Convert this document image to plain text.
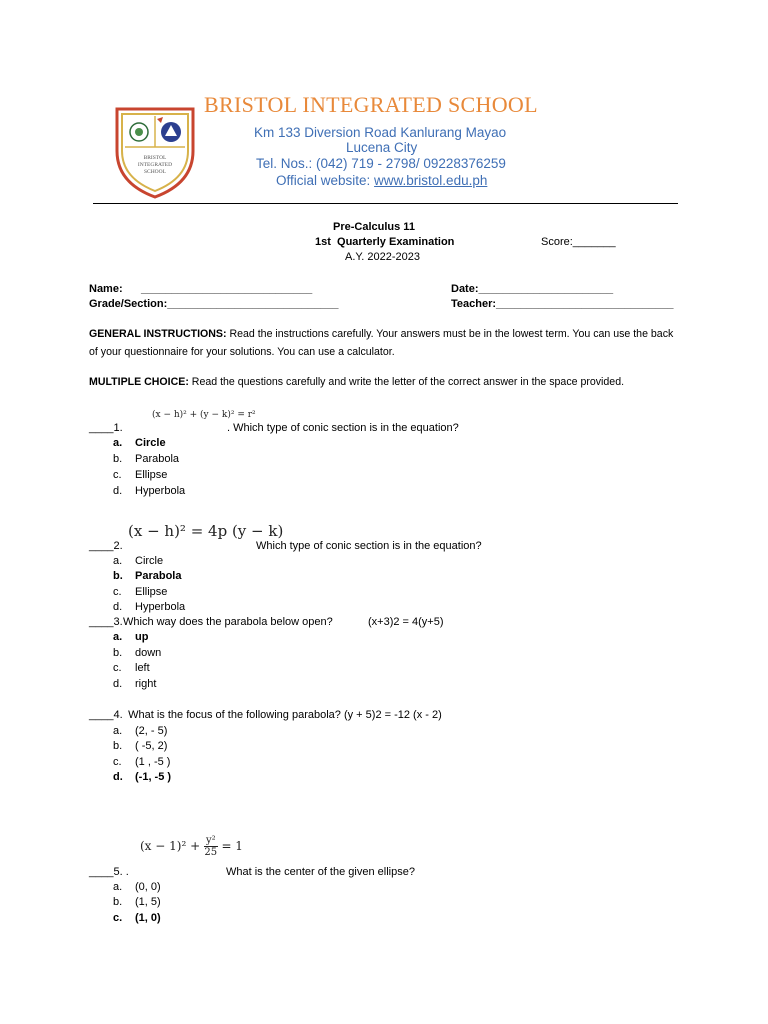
BRISTOL
INTEGRATED
SCHOOL
BRISTOL INTEGRATED SCHOOL
Km 133 Diversion Road Kanlurang Mayao
Lucena City
Tel. Nos.: (042) 719 - 2798/ 09228376259
Official website: www.bristol.edu.ph
Pre-Calculus 11
1st  Quarterly Examination	Score:_______
A.Y. 2022-2023
Name: ____________________________	Date:______________________
Grade/Section:____________________________	Teacher:_____________________________
GENERAL INSTRUCTIONS: Read the instructions carefully. Your answers must be in the lowest term. You can use the back of your questionnaire for your solutions. You can use a calculator.
MULTIPLE CHOICE: Read the questions carefully and write the letter of the correct answer in the space provided.
(x − h)² + (y − k)² = r²
____1.	. Which type of conic section is in the equation?
a. Circle
b. Parabola
c. Ellipse
d. Hyperbola
(x − h)² = 4p (y − k)
____2.	Which type of conic section is in the equation?
a. Circle
b. Parabola
c. Ellipse
d. Hyperbola
____3. Which way does the parabola below open?	(x+3)2 = 4(y+5)
a. up
b. down
c. left
d. right
____4. What is the focus of the following parabola? (y + 5)2 = -12 (x - 2)
a. (2, - 5)
b. ( -5, 2)
c. (1 , -5 )
d. (-1, -5 )
$(x - 1)^2 + \frac{\text{y²}}{25} = 1$
____5. .	What is the center of the given ellipse?
a. (0, 0)
b. (1, 5)
c. (1, 0)
